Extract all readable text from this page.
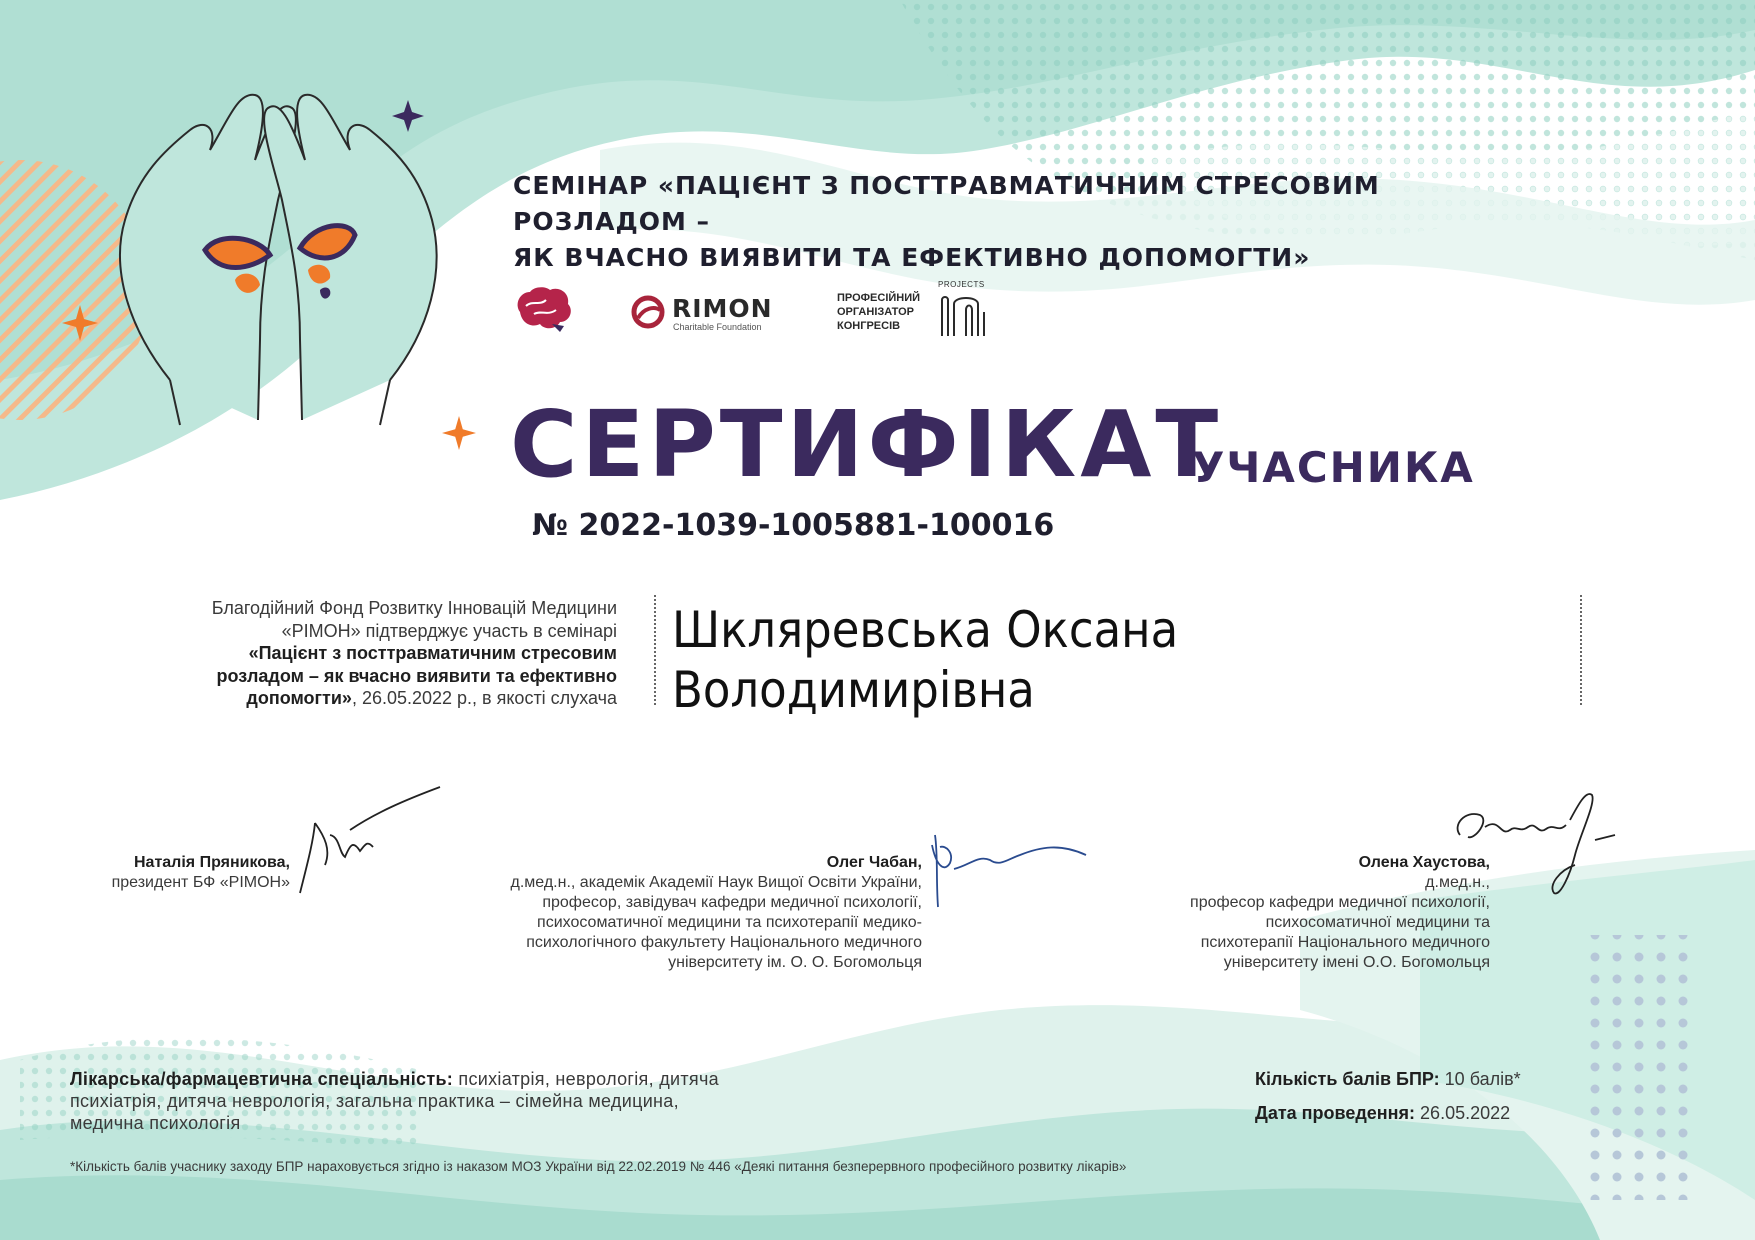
СЕМІНАР «ПАЦІЄНТ З ПОСТТРАВМАТИЧНИМ СТРЕСОВИМ РОЗЛАДОМ –
ЯК ВЧАСНО ВИЯВИТИ ТА ЕФЕКТИВНО ДОПОМОГТИ»
RIMON
Charitable Foundation
ПРОФЕСІЙНИЙ
ОРГАНІЗАТОР
КОНГРЕСІВ
PROJECTS
СЕРТИФІКАТ
УЧАСНИКА
№ 2022-1039-1005881-100016
Благодійний Фонд Розвитку Інновацій Медицини
«РІМОН» підтверджує участь в семінарі
«Пацієнт з посттравматичним стресовим
розладом – як вчасно виявити та ефективно
допомогти», 26.05.2022 р., в якості слухача
Шкляревська Оксана Володимирівна
Наталія Пряникова,
президент БФ «РІМОН»
Олег Чабан,
д.мед.н., академік Академії Наук Вищої Освіти України,
професор, завідувач кафедри медичної психології,
психосоматичної медицини та психотерапії медико-
психологічного факультету Національного медичного
університету ім. О. О. Богомольця
Олена Хаустова,
д.мед.н.,
професор кафедри медичної психології,
психосоматичної медицини та
психотерапії Національного медичного
університету імені О.О. Богомольця
Лікарська/фармацевтична спеціальність: психіатрія, неврологія, дитяча
психіатрія, дитяча неврологія, загальна практика – сімейна медицина,
медична психологія
Кількість балів БПР: 10 балів*
Дата проведення: 26.05.2022
*Кількість балів учаснику заходу БПР нараховується згідно із наказом МОЗ України від 22.02.2019 № 446 «Деякі питання безперервного професійного розвитку лікарів»
